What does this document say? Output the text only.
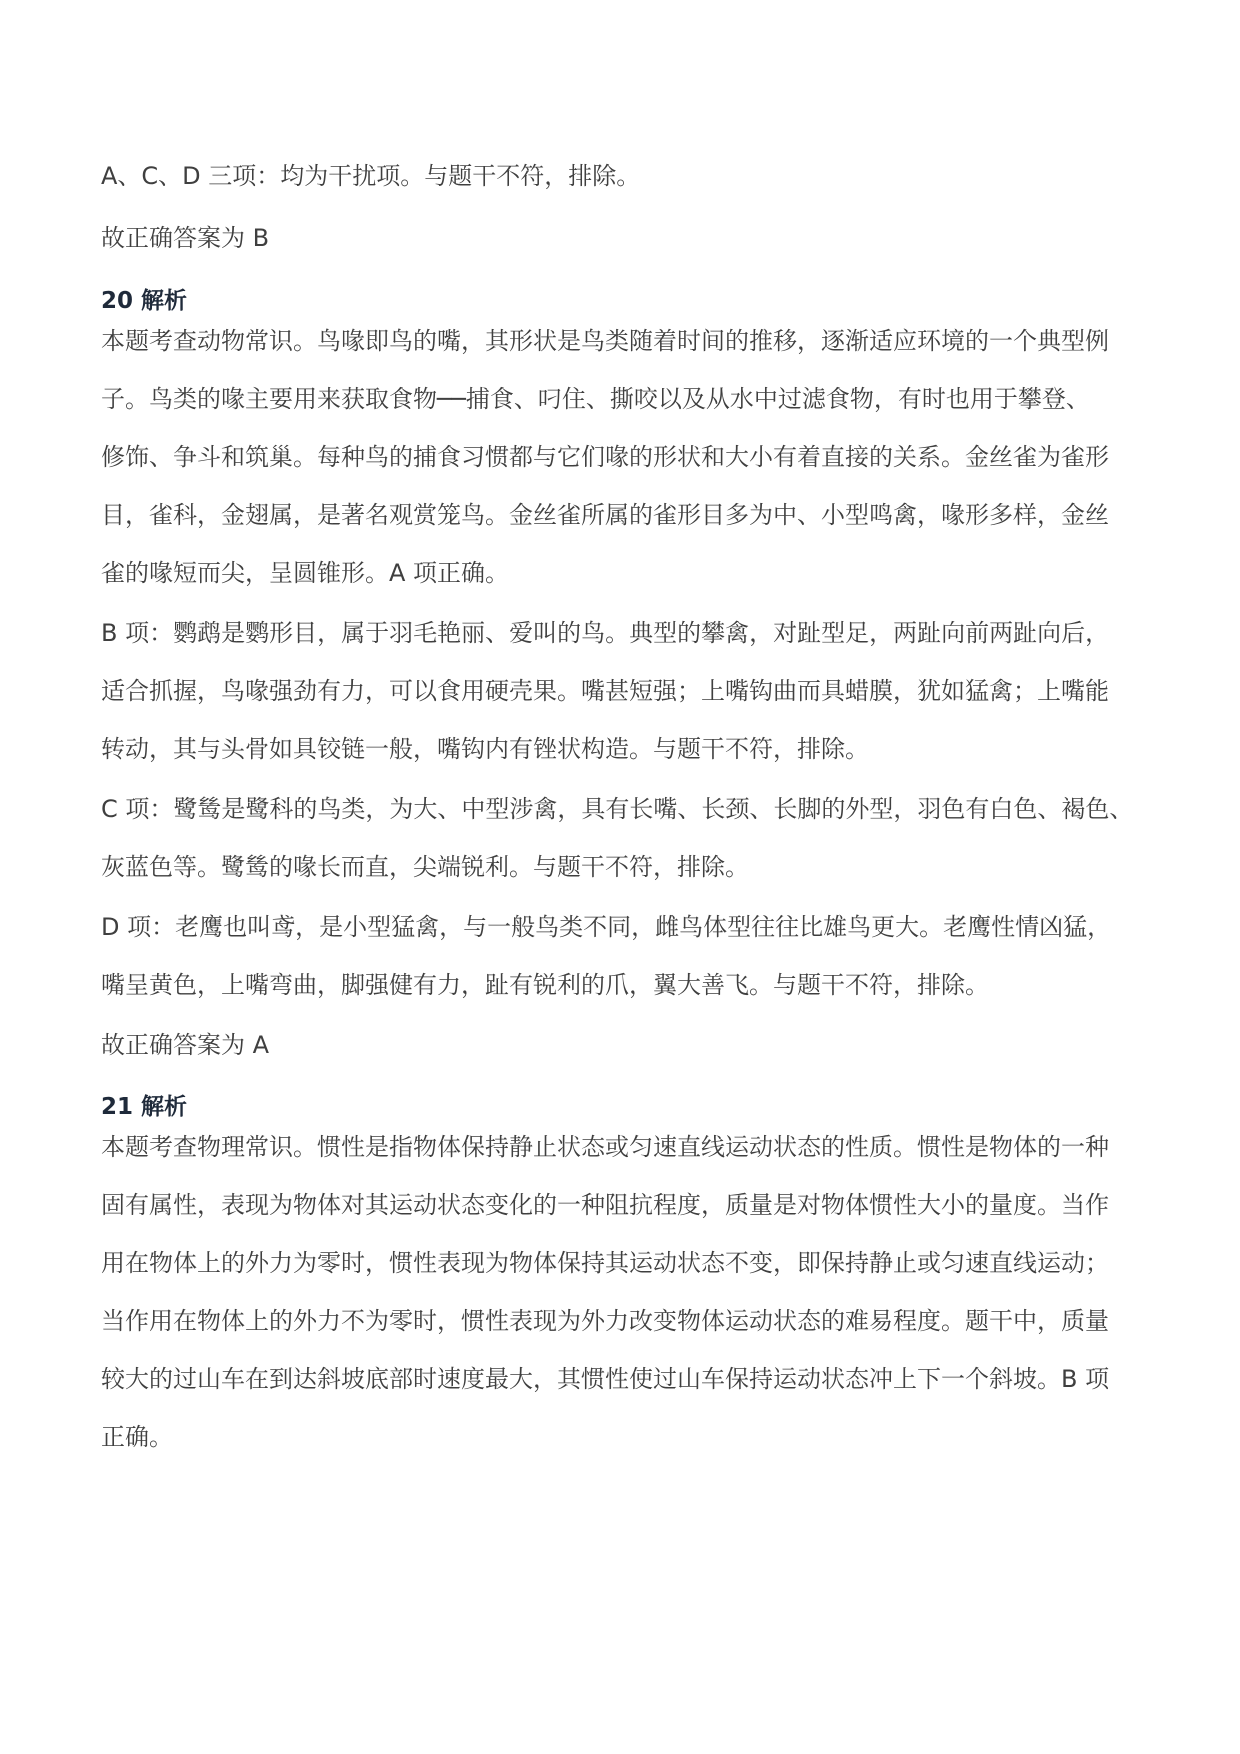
A、C、D 三项：均为干扰项。与题干不符，排除。
故正确答案为 B
20 解析
本题考查动物常识。鸟喙即鸟的嘴，其形状是鸟类随着时间的推移，逐渐适应环境的一个典型例
子。鸟类的喙主要用来获取食物──捕食、叼住、撕咬以及从水中过滤食物，有时也用于攀登、
修饰、争斗和筑巢。每种鸟的捕食习惯都与它们喙的形状和大小有着直接的关系。金丝雀为雀形
目，雀科，金翅属，是著名观赏笼鸟。金丝雀所属的雀形目多为中、小型鸣禽，喙形多样，金丝
雀的喙短而尖，呈圆锥形。A 项正确。
B 项：鹦鹉是鹦形目，属于羽毛艳丽、爱叫的鸟。典型的攀禽，对趾型足，两趾向前两趾向后，
适合抓握，鸟喙强劲有力，可以食用硬壳果。嘴甚短强；上嘴钩曲而具蜡膜，犹如猛禽；上嘴能
转动，其与头骨如具铰链一般，嘴钩内有锉状构造。与题干不符，排除。
C 项：鹭鸶是鹭科的鸟类，为大、中型涉禽，具有长嘴、长颈、长脚的外型，羽色有白色、褐色、
灰蓝色等。鹭鸶的喙长而直，尖端锐利。与题干不符，排除。
D 项：老鹰也叫鸢，是小型猛禽，与一般鸟类不同，雌鸟体型往往比雄鸟更大。老鹰性情凶猛，
嘴呈黄色，上嘴弯曲，脚强健有力，趾有锐利的爪，翼大善飞。与题干不符，排除。
故正确答案为 A
21 解析
本题考查物理常识。惯性是指物体保持静止状态或匀速直线运动状态的性质。惯性是物体的一种
固有属性，表现为物体对其运动状态变化的一种阻抗程度，质量是对物体惯性大小的量度。当作
用在物体上的外力为零时，惯性表现为物体保持其运动状态不变，即保持静止或匀速直线运动；
当作用在物体上的外力不为零时，惯性表现为外力改变物体运动状态的难易程度。题干中，质量
较大的过山车在到达斜坡底部时速度最大，其惯性使过山车保持运动状态冲上下一个斜坡。B 项
正确。
